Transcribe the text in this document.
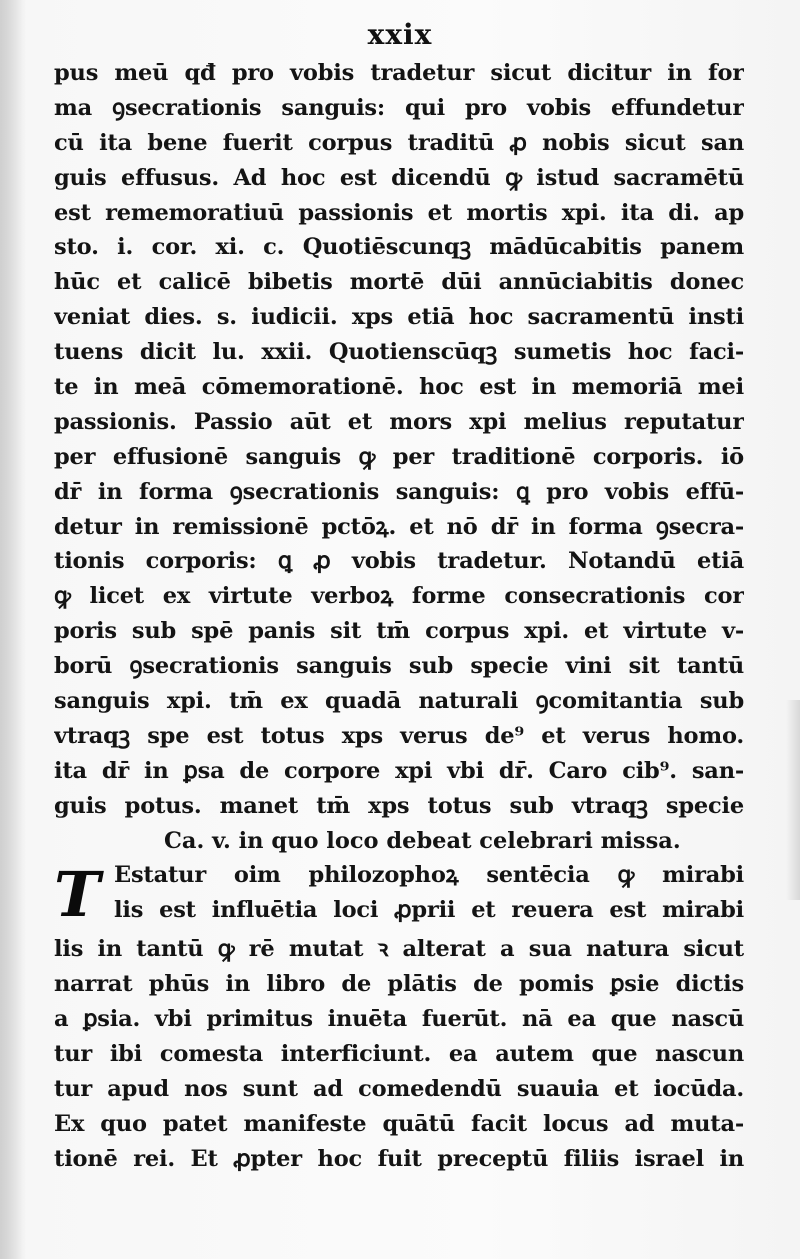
xxix
pus meū qđ pro vobis tradetur sicut dicitur in for
ma ꝯsecrationis sanguis: qui pro vobis effundetur
cū ita bene fuerit corpus traditū ꝓ nobis sicut san
guis effusus. Ad hoc est dicendū ꝙ istud sacramētū
est rememoratiuū passionis et mortis xpi. ita di. ap
sto. i. cor. xi. c. Quotiēscunqꝫ mādūcabitis panem
hūc et calicē bibetis mortē dūi annūciabitis donec
veniat dies. s. iudicii. xps etiā hoc sacramentū insti
tuens dicit lu. xxii. Quotienscūqꝫ sumetis hoc faci-
te in meā cōmemorationē. hoc est in memoriā mei
passionis. Passio aūt et mors xpi melius reputatur
per effusionē sanguis ꝙ per traditionē corporis. iō
dr̄ in forma ꝯsecrationis sanguis: ꝗ pro vobis effū-
detur in remissionē pctōꝝ. et nō dr̄ in forma ꝯsecra-
tionis corporis: ꝗ ꝓ vobis tradetur. Notandū etiā
ꝙ licet ex virtute verboꝝ forme consecrationis cor
poris sub spē panis sit tm̄ corpus xpi. et virtute v-
borū ꝯsecrationis sanguis sub specie vini sit tantū
sanguis xpi. tm̄ ex quadā naturali ꝯcomitantia sub
vtraqꝫ spe est totus xps verus de⁹ et verus homo.
ita dr̄ in ꝑsa de corpore xpi vbi dr̄. Caro cib⁹. san-
guis potus. manet tm̄ xps totus sub vtraqꝫ specie
Ca. v. in quo loco debeat celebrari missa.
T Estatur oim philozophoꝝ sentēcia ꝙ mirabi
lis est influētia loci ꝓprii et reuera est mirabi
lis in tantū ꝙ rē mutat ꝛ alterat a sua natura sicut
narrat phūs in libro de plātis de pomis ꝑsie dictis
a ꝑsia. vbi primitus inuēta fuerūt. nā ea que nascū
tur ibi comesta interficiunt. ea autem que nascun
tur apud nos sunt ad comedendū suauia et iocūda.
Ex quo patet manifeste quātū facit locus ad muta-
tionē rei. Et ꝓpter hoc fuit preceptū filiis israel in
